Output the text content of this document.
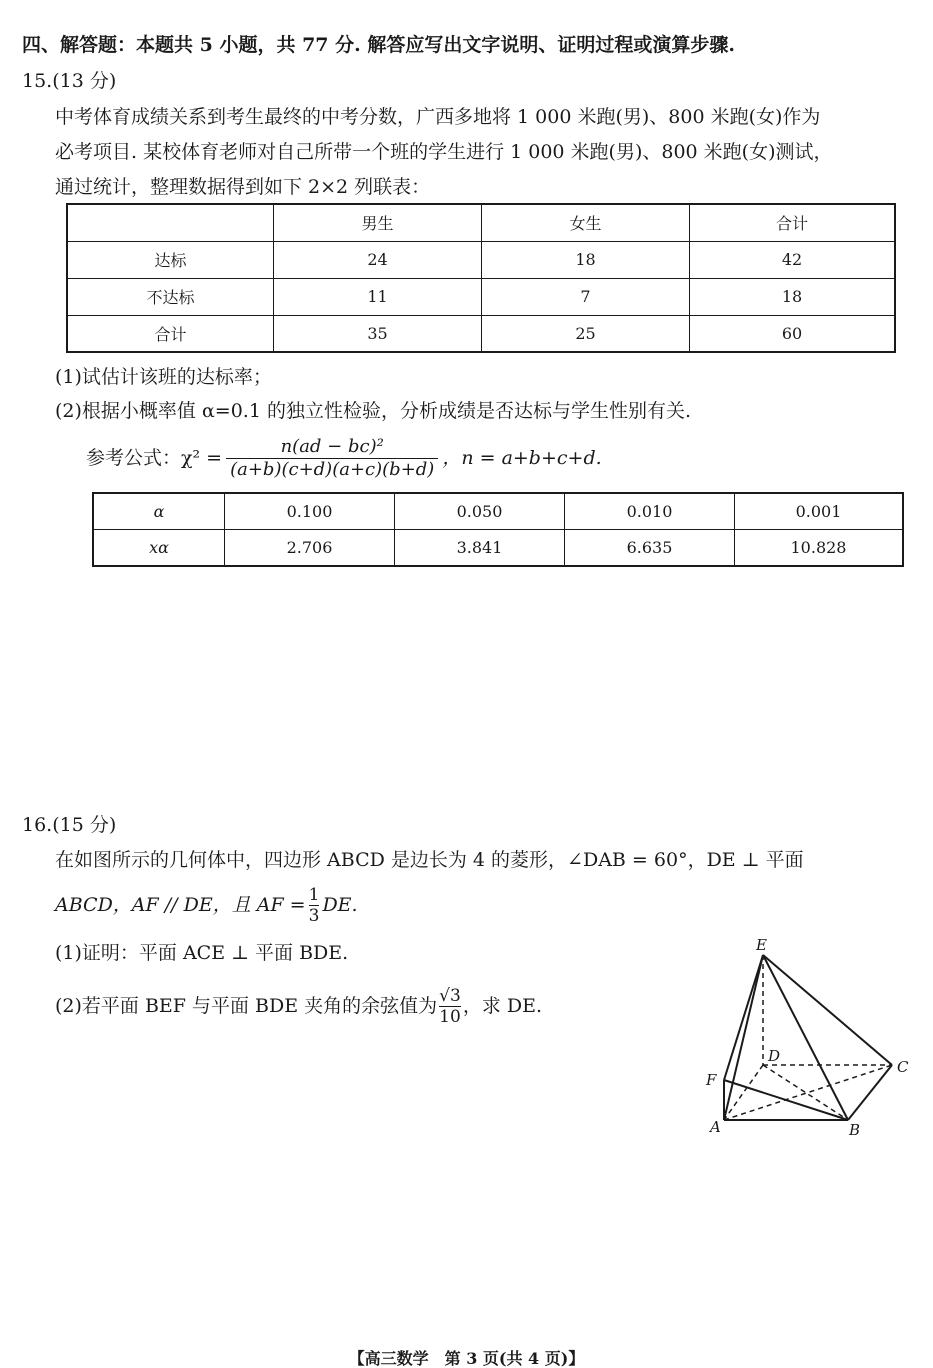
四、解答题：本题共 5 小题，共 77 分. 解答应写出文字说明、证明过程或演算步骤.
15.(13 分)
中考体育成绩关系到考生最终的中考分数，广西多地将 1 000 米跑(男)、800 米跑(女)作为
必考项目. 某校体育老师对自己所带一个班的学生进行 1 000 米跑(男)、800 米跑(女)测试，
通过统计，整理数据得到如下 2×2 列联表：
	男生	女生	合计
达标	24	18	42
不达标	11	7	18
合计	35	25	60
(1)试估计该班的达标率；
(2)根据小概率值 α=0.1 的独立性检验，分析成绩是否达标与学生性别有关.
参考公式：$\chi^2 = \frac{\text{n(ad − bc)²}}{(a+b)(c+d)(a+c)(b+d)}$ ，n = a+b+c+d.
α	0.100	0.050	0.010	0.001
xα	2.706	3.841	6.635	10.828
16.(15 分)
在如图所示的几何体中，四边形 ABCD 是边长为 4 的菱形，∠DAB = 60°，DE ⊥ 平面
ABCD，AF // DE，且 AF = $\frac{1}{3}$ DE.
(1)证明：平面 ACE ⊥ 平面 BDE.
(2)若平面 BEF 与平面 BDE 夹角的余弦值为 $\frac{√3}{10}$ ，求 DE.
E
D
C
F
A	B
【高三数学　第 3 页(共 4 页)】
